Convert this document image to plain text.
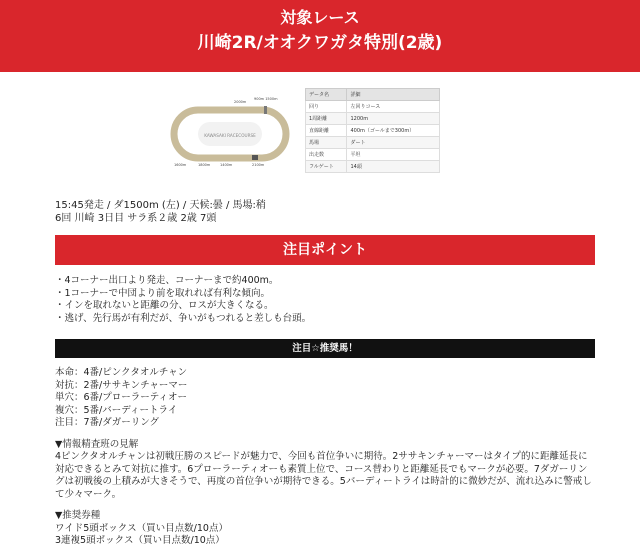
対象レース
川崎2R/オオクワガタ特別(2歳)
KAWASAKI RACECOURSE
2000m
900m 1500m
1600m	1800m	1400m	2100m
データ名	詳細
回り	左回りコース
1周距離	1200m
直線距離	400m（ゴールまで300m）
馬場	ダート
出走数	平坦
フルゲート	14頭
15:45発走 / ダ1500m (左) / 天候:曇 / 馬場:稍
6回 川崎 3日目 サラ系２歳 2歳 7頭
注目ポイント
・4コーナー出口より発走、コーナーまで約400m。
・1コーナーで中団より前を取れれば有利な傾向。
・インを取れないと距離の分、ロスが大きくなる。
・逃げ、先行馬が有利だが、争いがもつれると差しも台頭。
注目☆推奨馬！
本命：4番/ピンクタオルチャン
対抗：2番/ササキンチャーマー
単穴：6番/プローラーティオー
複穴：5番/バーディートライ
注目：7番/ダガーリング
▼情報精査班の見解
4ピンクタオルチャンは初戦圧勝のスピードが魅力で、今回も首位争いに期待。2ササキンチャーマーはタイプ的に距離延長に対応できるとみて対抗に推す。6プローラーティオーも素質上位で、コース替わりと距離延長でもマークが必要。7ダガーリングは初戦後の上積みが大きそうで、再度の首位争いが期待できる。5バーディートライは時計的に微妙だが、流れ込みに警戒して少々マーク。
▼推奨券種
ワイド5頭ボックス（買い目点数/10点）
3連複5頭ボックス（買い目点数/10点）
